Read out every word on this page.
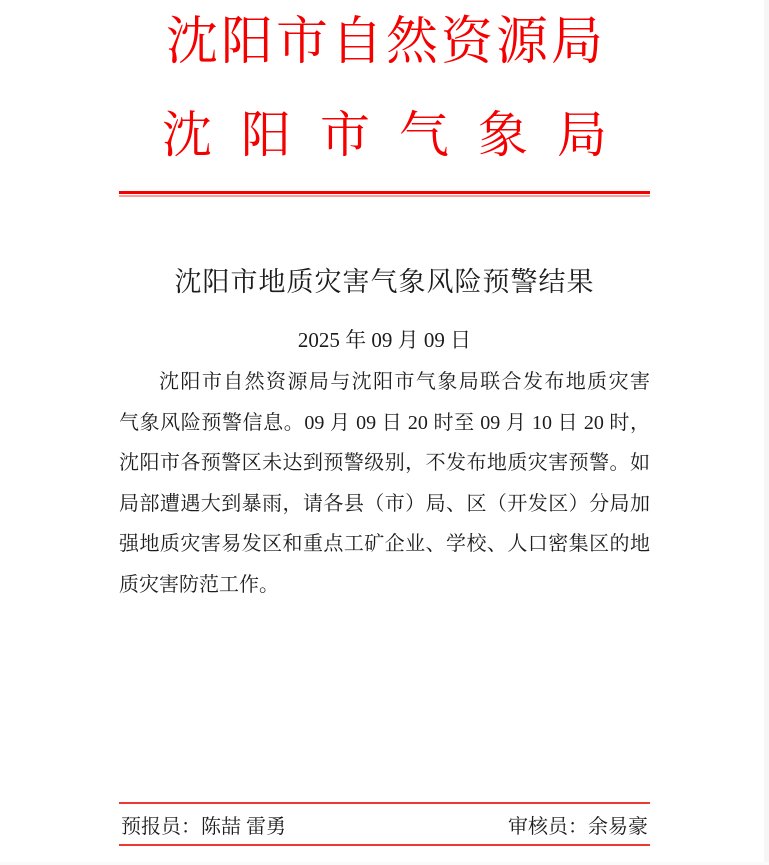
沈阳市自然资源局
沈阳市气象局
沈阳市地质灾害气象风险预警结果
2025 年 09 月 09 日
沈阳市自然资源局与沈阳市气象局联合发布地质灾害
气象风险预警信息。09 月 09 日 20 时至 09 月 10 日 20 时，
沈阳市各预警区未达到预警级别，不发布地质灾害预警。如
局部遭遇大到暴雨，请各县（市）局、区（开发区）分局加
强地质灾害易发区和重点工矿企业、学校、人口密集区的地
质灾害防范工作。
预报员：陈喆 雷勇	审核员：余易豪
